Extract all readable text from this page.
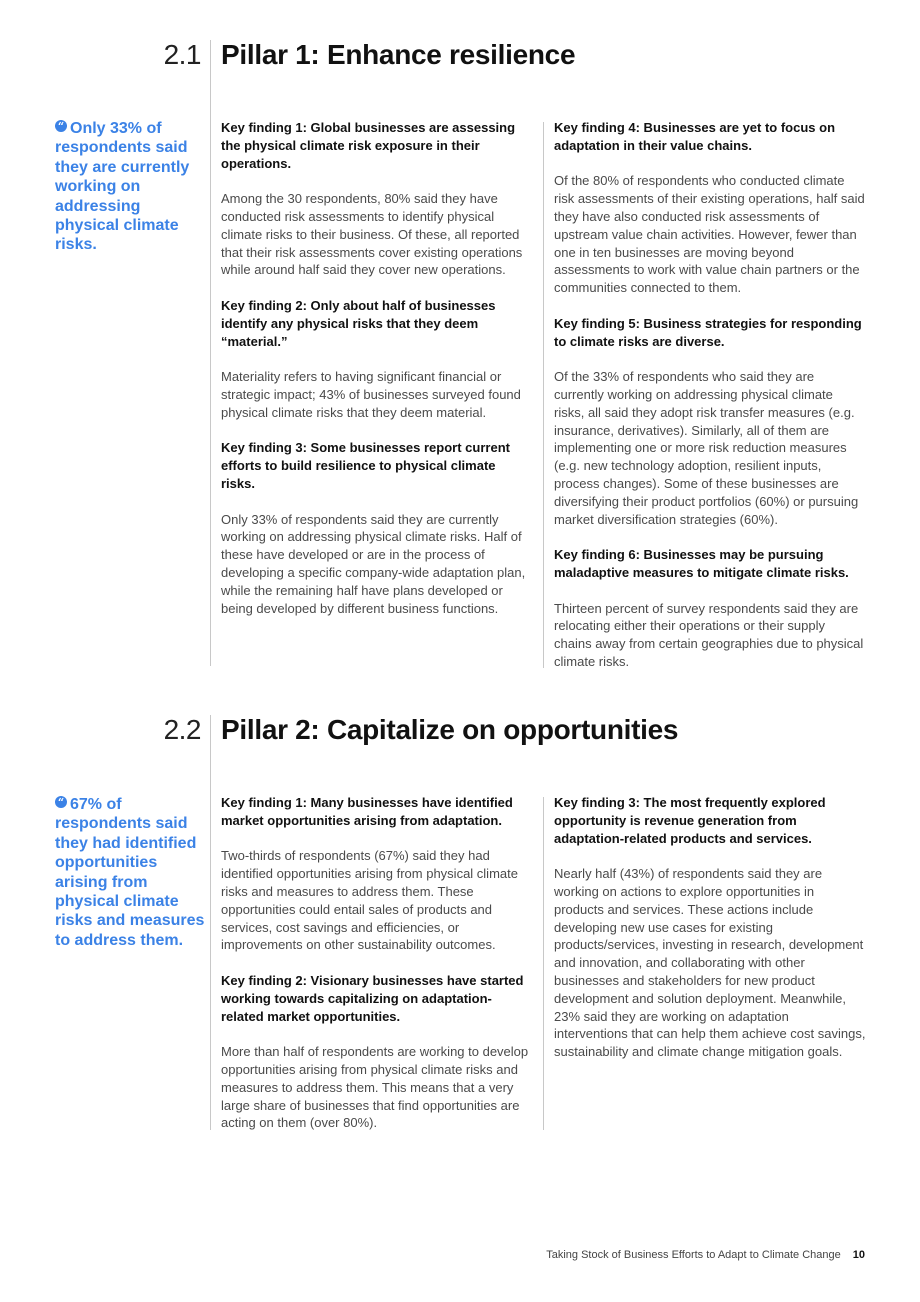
2.1 Pillar 1: Enhance resilience
“ Only 33% of respondents said they are currently working on addressing physical climate risks.

Key finding 1: Global businesses are assessing the physical climate risk exposure in their operations.

Among the 30 respondents, 80% said they have conducted risk assessments to identify physical climate risks to their business. Of these, all reported that their risk assessments cover existing operations while around half said they cover new operations.

Key finding 2: Only about half of businesses identify any physical risks that they deem “material.”

Materiality refers to having significant financial or strategic impact; 43% of businesses surveyed found physical climate risks that they deem material.

Key finding 3: Some businesses report current efforts to build resilience to physical climate risks.

Only 33% of respondents said they are currently working on addressing physical climate risks. Half of these have developed or are in the process of developing a specific company-wide adaptation plan, while the remaining half have plans developed or being developed by different business functions.

Key finding 4: Businesses are yet to focus on adaptation in their value chains.

Of the 80% of respondents who conducted climate risk assessments of their existing operations, half said they have also conducted risk assessments of upstream value chain activities. However, fewer than one in ten businesses are moving beyond assessments to work with value chain partners or the communities connected to them.

Key finding 5: Business strategies for responding to climate risks are diverse.

Of the 33% of respondents who said they are currently working on addressing physical climate risks, all said they adopt risk transfer measures (e.g. insurance, derivatives). Similarly, all of them are implementing one or more risk reduction measures (e.g. new technology adoption, resilient inputs, process changes). Some of these businesses are diversifying their product portfolios (60%) or pursuing market diversification strategies (60%).

Key finding 6: Businesses may be pursuing maladaptive measures to mitigate climate risks.

Thirteen percent of survey respondents said they are relocating either their operations or their supply chains away from certain geographies due to physical climate risks.

2.2 Pillar 2: Capitalize on opportunities
“ 67% of respondents said they had identified opportunities arising from physical climate risks and measures to address them.

Key finding 1: Many businesses have identified market opportunities arising from adaptation.

Two-thirds of respondents (67%) said they had identified opportunities arising from physical climate risks and measures to address them. These opportunities could entail sales of products and services, cost savings and efficiencies, or improvements on other sustainability outcomes.

Key finding 2: Visionary businesses have started working towards capitalizing on adaptation-related market opportunities.

More than half of respondents are working to develop opportunities arising from physical climate risks and measures to address them. This means that a very large share of businesses that find opportunities are acting on them (over 80%).

Key finding 3: The most frequently explored opportunity is revenue generation from adaptation-related products and services.

Nearly half (43%) of respondents said they are working on actions to explore opportunities in products and services. These actions include developing new use cases for existing products/services, investing in research, development and innovation, and collaborating with other businesses and stakeholders for new product development and solution deployment. Meanwhile, 23% said they are working on adaptation interventions that can help them achieve cost savings, sustainability and climate change mitigation goals.

Taking Stock of Business Efforts to Adapt to Climate Change 10
